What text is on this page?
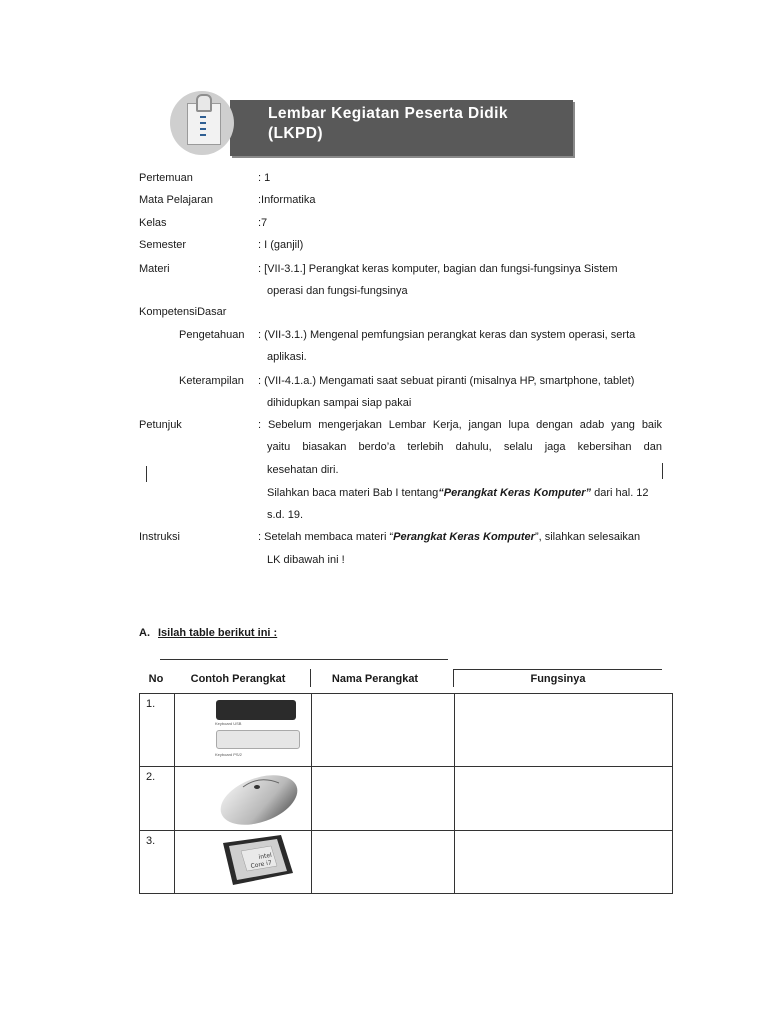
Lembar Kegiatan Peserta Didik
(LKPD)
Pertemuan	: 1
Mata Pelajaran	:Informatika
Kelas	:7
Semester	: I (ganjil)
Materi	: [VII-3.1.] Perangkat keras komputer, bagian dan fungsi-fungsinya Sistem
operasi dan fungsi-fungsinya
KompetensiDasar
Pengetahuan : (VII-3.1.) Mengenal pemfungsian perangkat keras dan system operasi, serta
aplikasi.
Keterampilan : (VII-4.1.a.) Mengamati saat sebuat piranti (misalnya HP, smartphone, tablet)
dihidupkan sampai siap pakai
Petunjuk	: Sebelum mengerjakan Lembar Kerja, jangan lupa dengan adab yang baik
yaitu biasakan berdo’a terlebih dahulu, selalu jaga kebersihan dan
kesehatan diri.
Silahkan baca materi Bab I tentang“Perangkat Keras Komputer” dari hal. 12
s.d. 19.
Instruksi	: Setelah membaca materi “Perangkat Keras Komputer”, silahkan selesaikan
LK dibawah ini !
A. Isilah table berikut ini :
No	Contoh Perangkat	Nama Perangkat	Fungsinya
1.	Keyboard USB
Keyboard PS/2		

2.	

3.	intel
Core i7		
